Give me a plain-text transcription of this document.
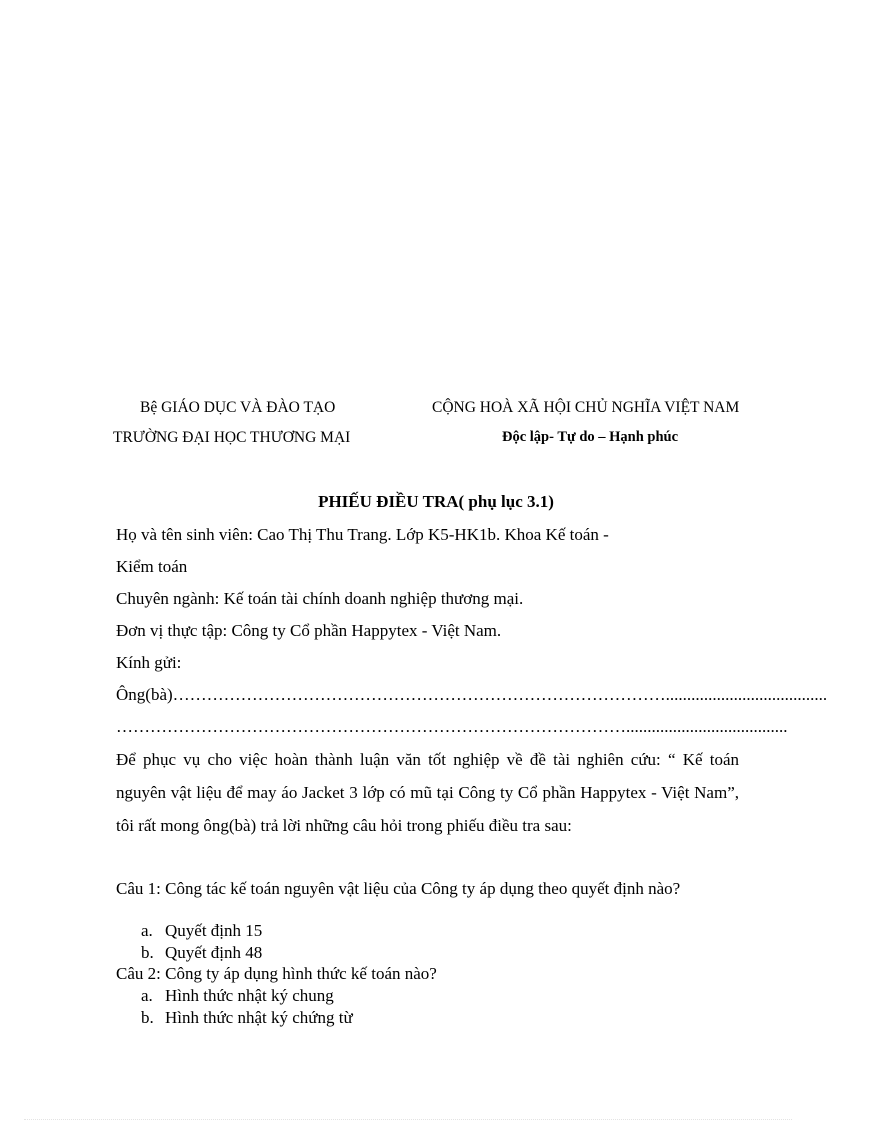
Bệ GIÁO DỤC VÀ ĐÀO TẠO
TRƯỜNG ĐẠI HỌC THƯƠNG MẠI
CỘNG HOÀ XÃ HỘI CHỦ NGHĨA VIỆT NAM
Độc lập- Tự do – Hạnh phúc
PHIẾU ĐIỀU TRA( phụ lục 3.1)
Họ và tên sinh viên: Cao Thị Thu Trang. Lớp K5-HK1b. Khoa Kế toán -
Kiểm toán
Chuyên ngành: Kế toán tài chính doanh nghiệp thương mại.
Đơn vị thực tập: Công ty Cổ phần Happytex - Việt Nam.
Kính gửi:
Ông(bà)……………………………………………………………………………......................................
………………………………………………………………………………......................................
Để phục vụ cho việc hoàn thành luận văn tốt nghiệp về đề tài nghiên cứu: “ Kế toán nguyên vật liệu để may áo Jacket 3 lớp có mũ tại Công ty Cổ phần Happytex - Việt Nam”, tôi rất mong ông(bà) trả lời những câu hỏi trong phiếu điều tra sau:
Câu 1: Công tác kế toán nguyên vật liệu của Công ty áp dụng theo quyết định nào?
a. Quyết định 15
b. Quyết định 48
Câu 2: Công ty áp dụng hình thức kế toán nào?
a. Hình thức nhật ký chung
b. Hình thức nhật ký chứng từ
